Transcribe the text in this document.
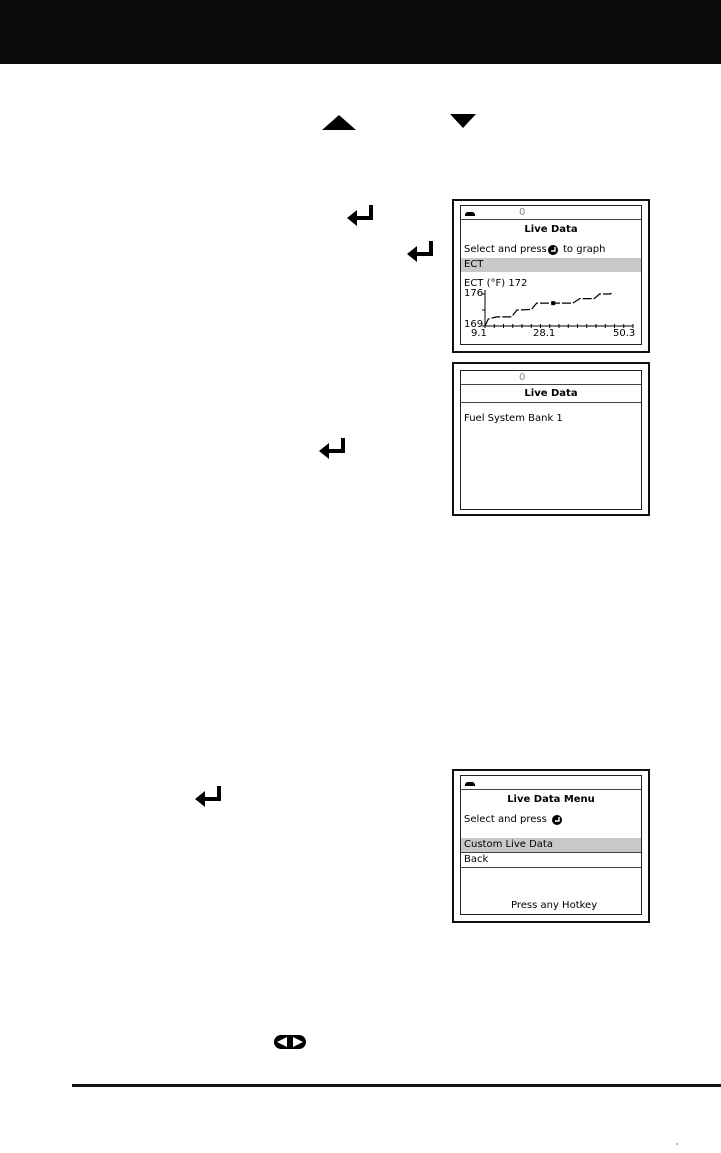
0
Live Data
Select and press to graph
ECT
ECT (°F) 172
176
169
9.1	28.1	50.3
0
Live Data
Fuel System Bank 1
Live Data Menu
Select and press
Custom Live Data
Back
Press any Hotkey
'
